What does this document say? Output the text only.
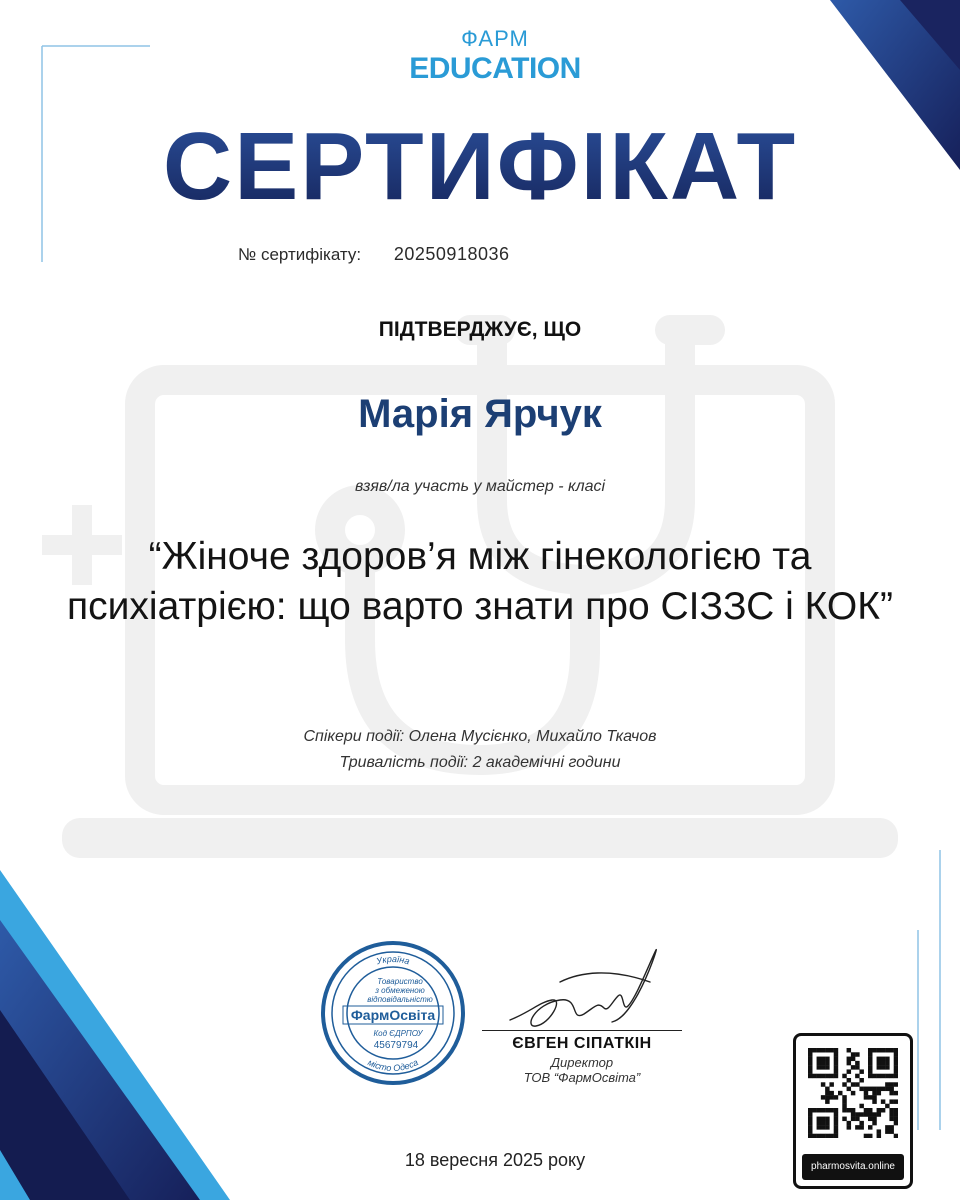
ФАРМ
EDUCATION
СЕРТИФІКАТ
№ сертифікату: 20250918036
ПІДТВЕРДЖУЄ, ЩО
Марія Ярчук
взяв/ла участь у майстер - класі
“Жіноче здоров’я між гінекологією та
психіатрією: що варто знати про СІЗЗС і КОК”
Спікери події: Олена Мусієнко, Михайло Ткачов
Тривалість події: 2 академічні години
Україна
місто Одеса
Товариство
з обмеженою
відповідальністю
ФармОсвіта
Код ЄДРПОУ
45679794	ЄВГЕН СІПАТКІН
Директор
ТОВ “ФармОсвіта”
18 вересня 2025 року	pharmosvita.online
